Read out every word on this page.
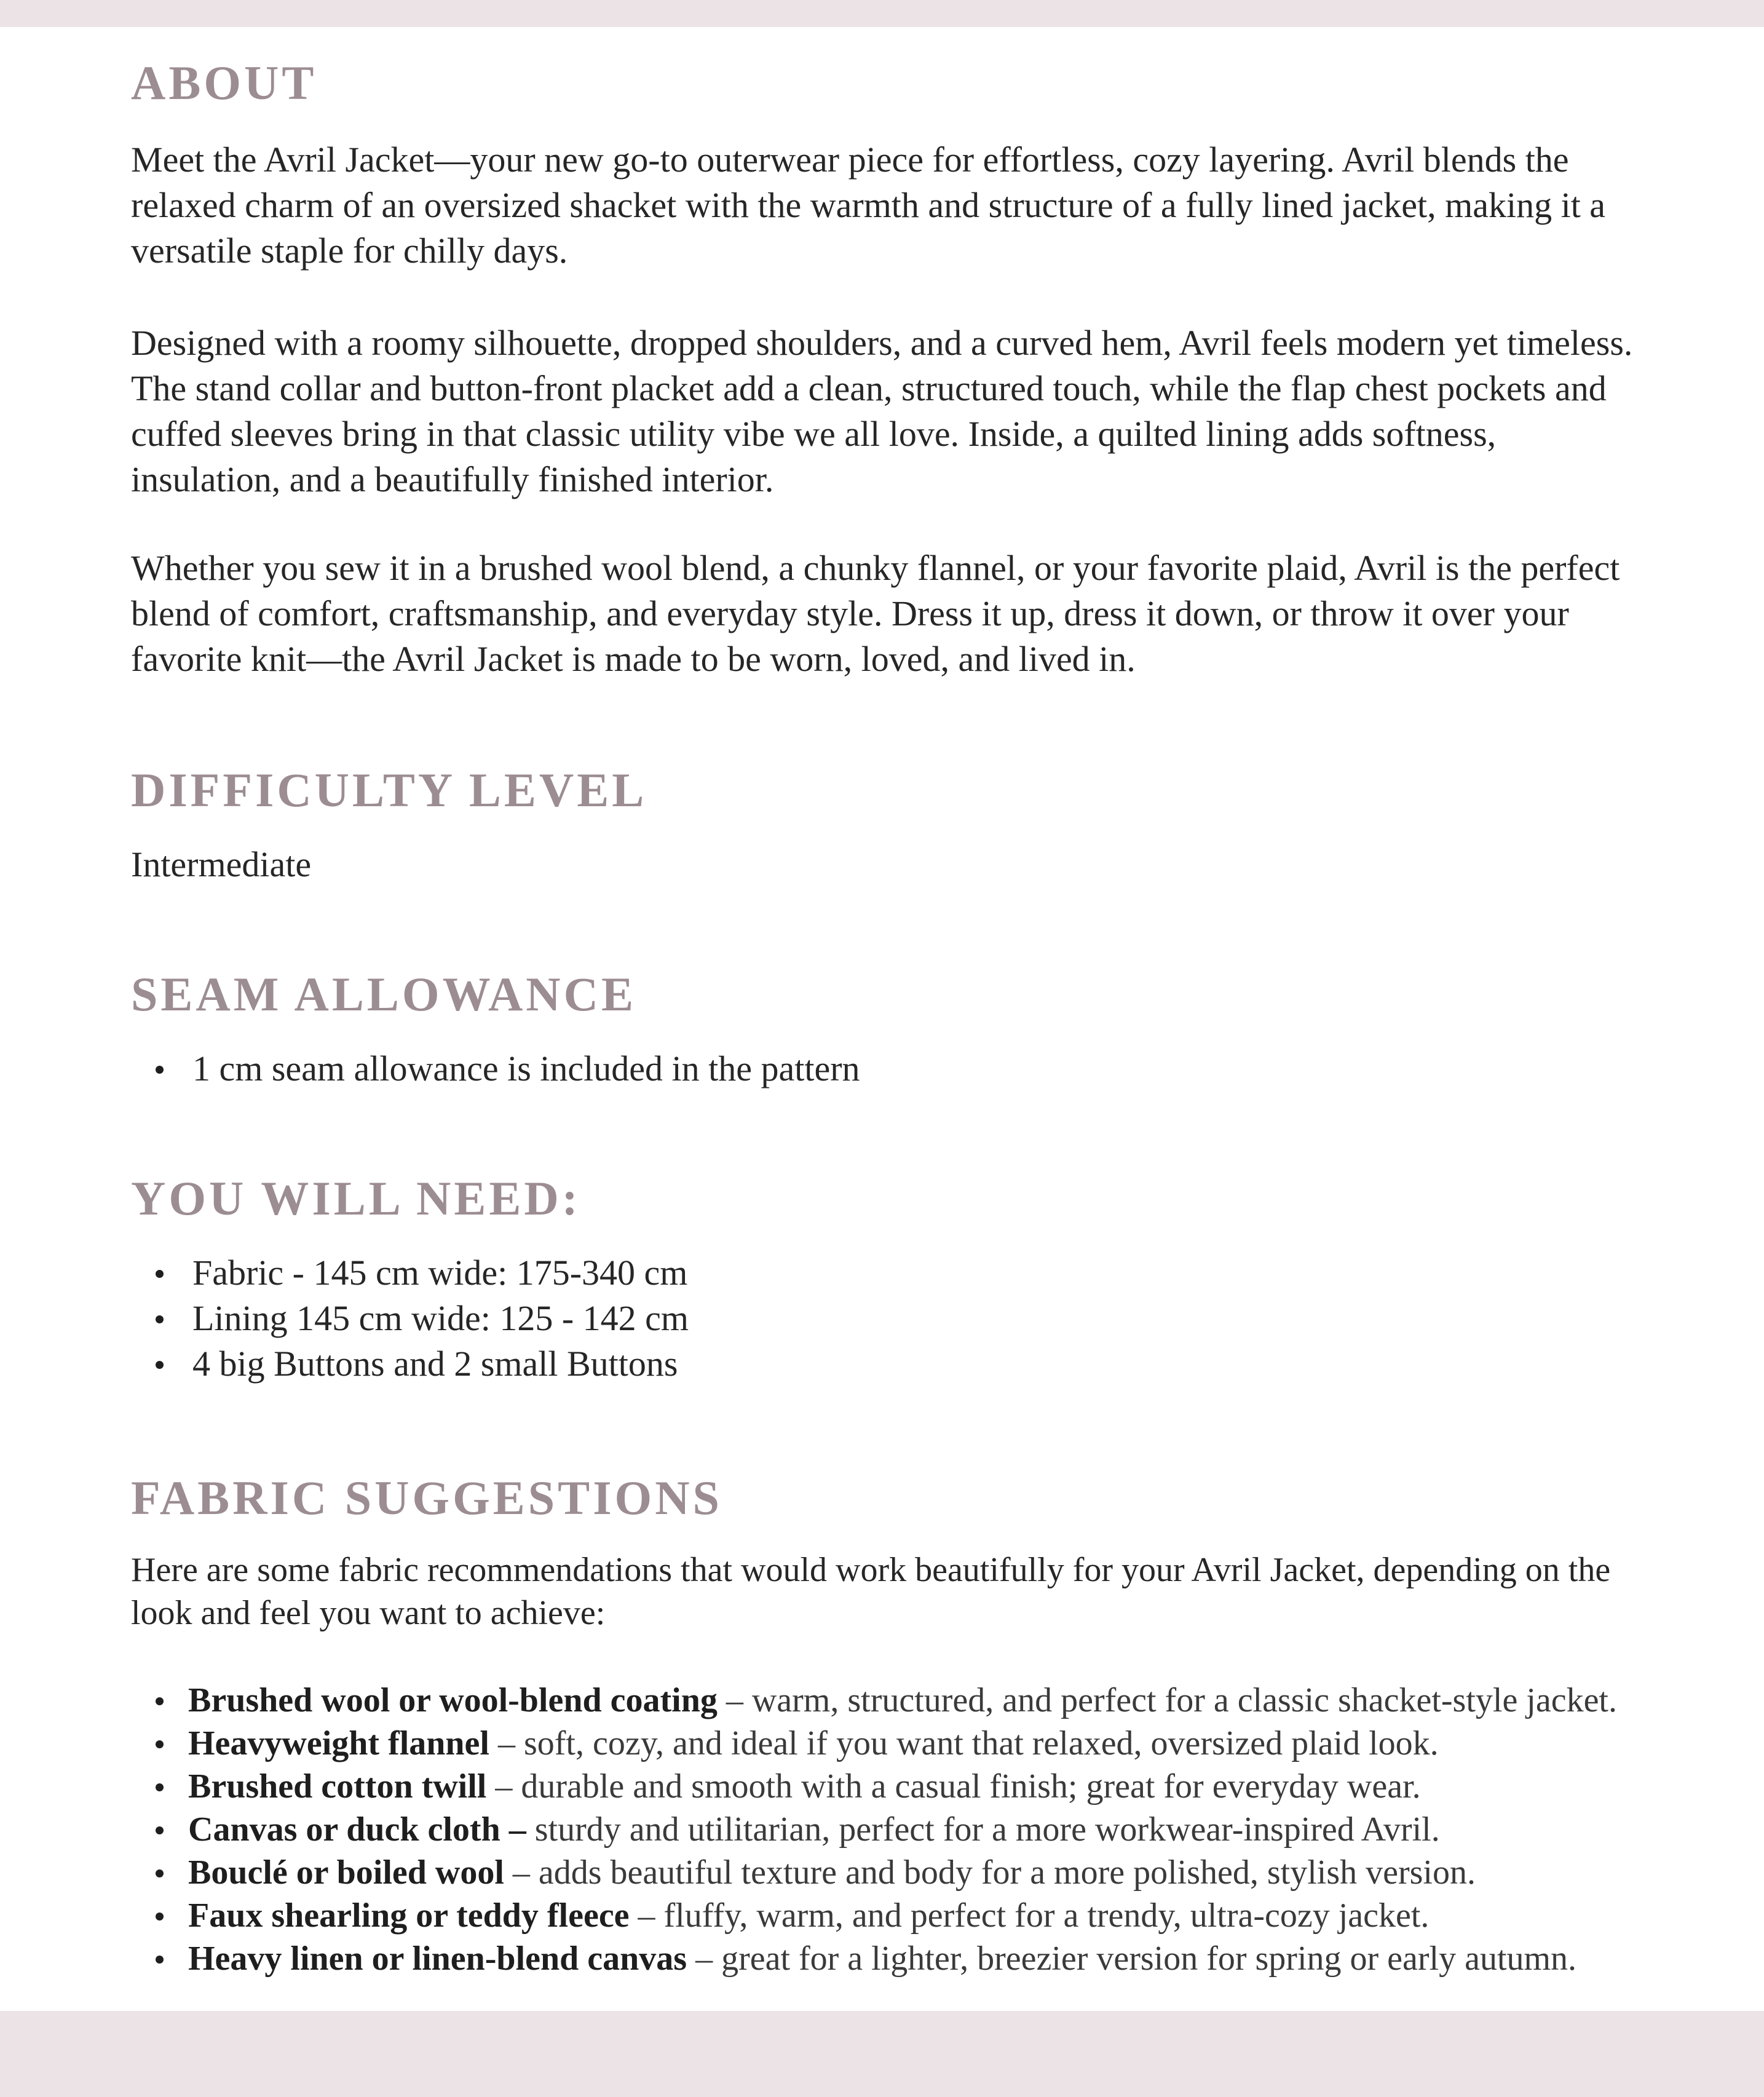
ABOUT

Meet the Avril Jacket—your new go-to outerwear piece for effortless, cozy layering. Avril blends the relaxed charm of an oversized shacket with the warmth and structure of a fully lined jacket, making it a versatile staple for chilly days.

Designed with a roomy silhouette, dropped shoulders, and a curved hem, Avril feels modern yet timeless. The stand collar and button-front placket add a clean, structured touch, while the flap chest pockets and cuffed sleeves bring in that classic utility vibe we all love. Inside, a quilted lining adds softness, insulation, and a beautifully finished interior.

Whether you sew it in a brushed wool blend, a chunky flannel, or your favorite plaid, Avril is the perfect blend of comfort, craftsmanship, and everyday style. Dress it up, dress it down, or throw it over your favorite knit—the Avril Jacket is made to be worn, loved, and lived in.

DIFFICULTY LEVEL

Intermediate

SEAM ALLOWANCE
1 cm seam allowance is included in the pattern
YOU WILL NEED:
Fabric - 145 cm wide: 175-340 cm
Lining 145 cm wide: 125 - 142 cm
4 big Buttons and 2 small Buttons
FABRIC SUGGESTIONS

Here are some fabric recommendations that would work beautifully for your Avril Jacket, depending on the look and feel you want to achieve:

Brushed wool or wool-blend coating – warm, structured, and perfect for a classic shacket-style jacket.
Heavyweight flannel – soft, cozy, and ideal if you want that relaxed, oversized plaid look.
Brushed cotton twill – durable and smooth with a casual finish; great for everyday wear.
Canvas or duck cloth – sturdy and utilitarian, perfect for a more workwear-inspired Avril.
Bouclé or boiled wool – adds beautiful texture and body for a more polished, stylish version.
Faux shearling or teddy fleece – fluffy, warm, and perfect for a trendy, ultra-cozy jacket.
Heavy linen or linen-blend canvas – great for a lighter, breezier version for spring or early autumn.
